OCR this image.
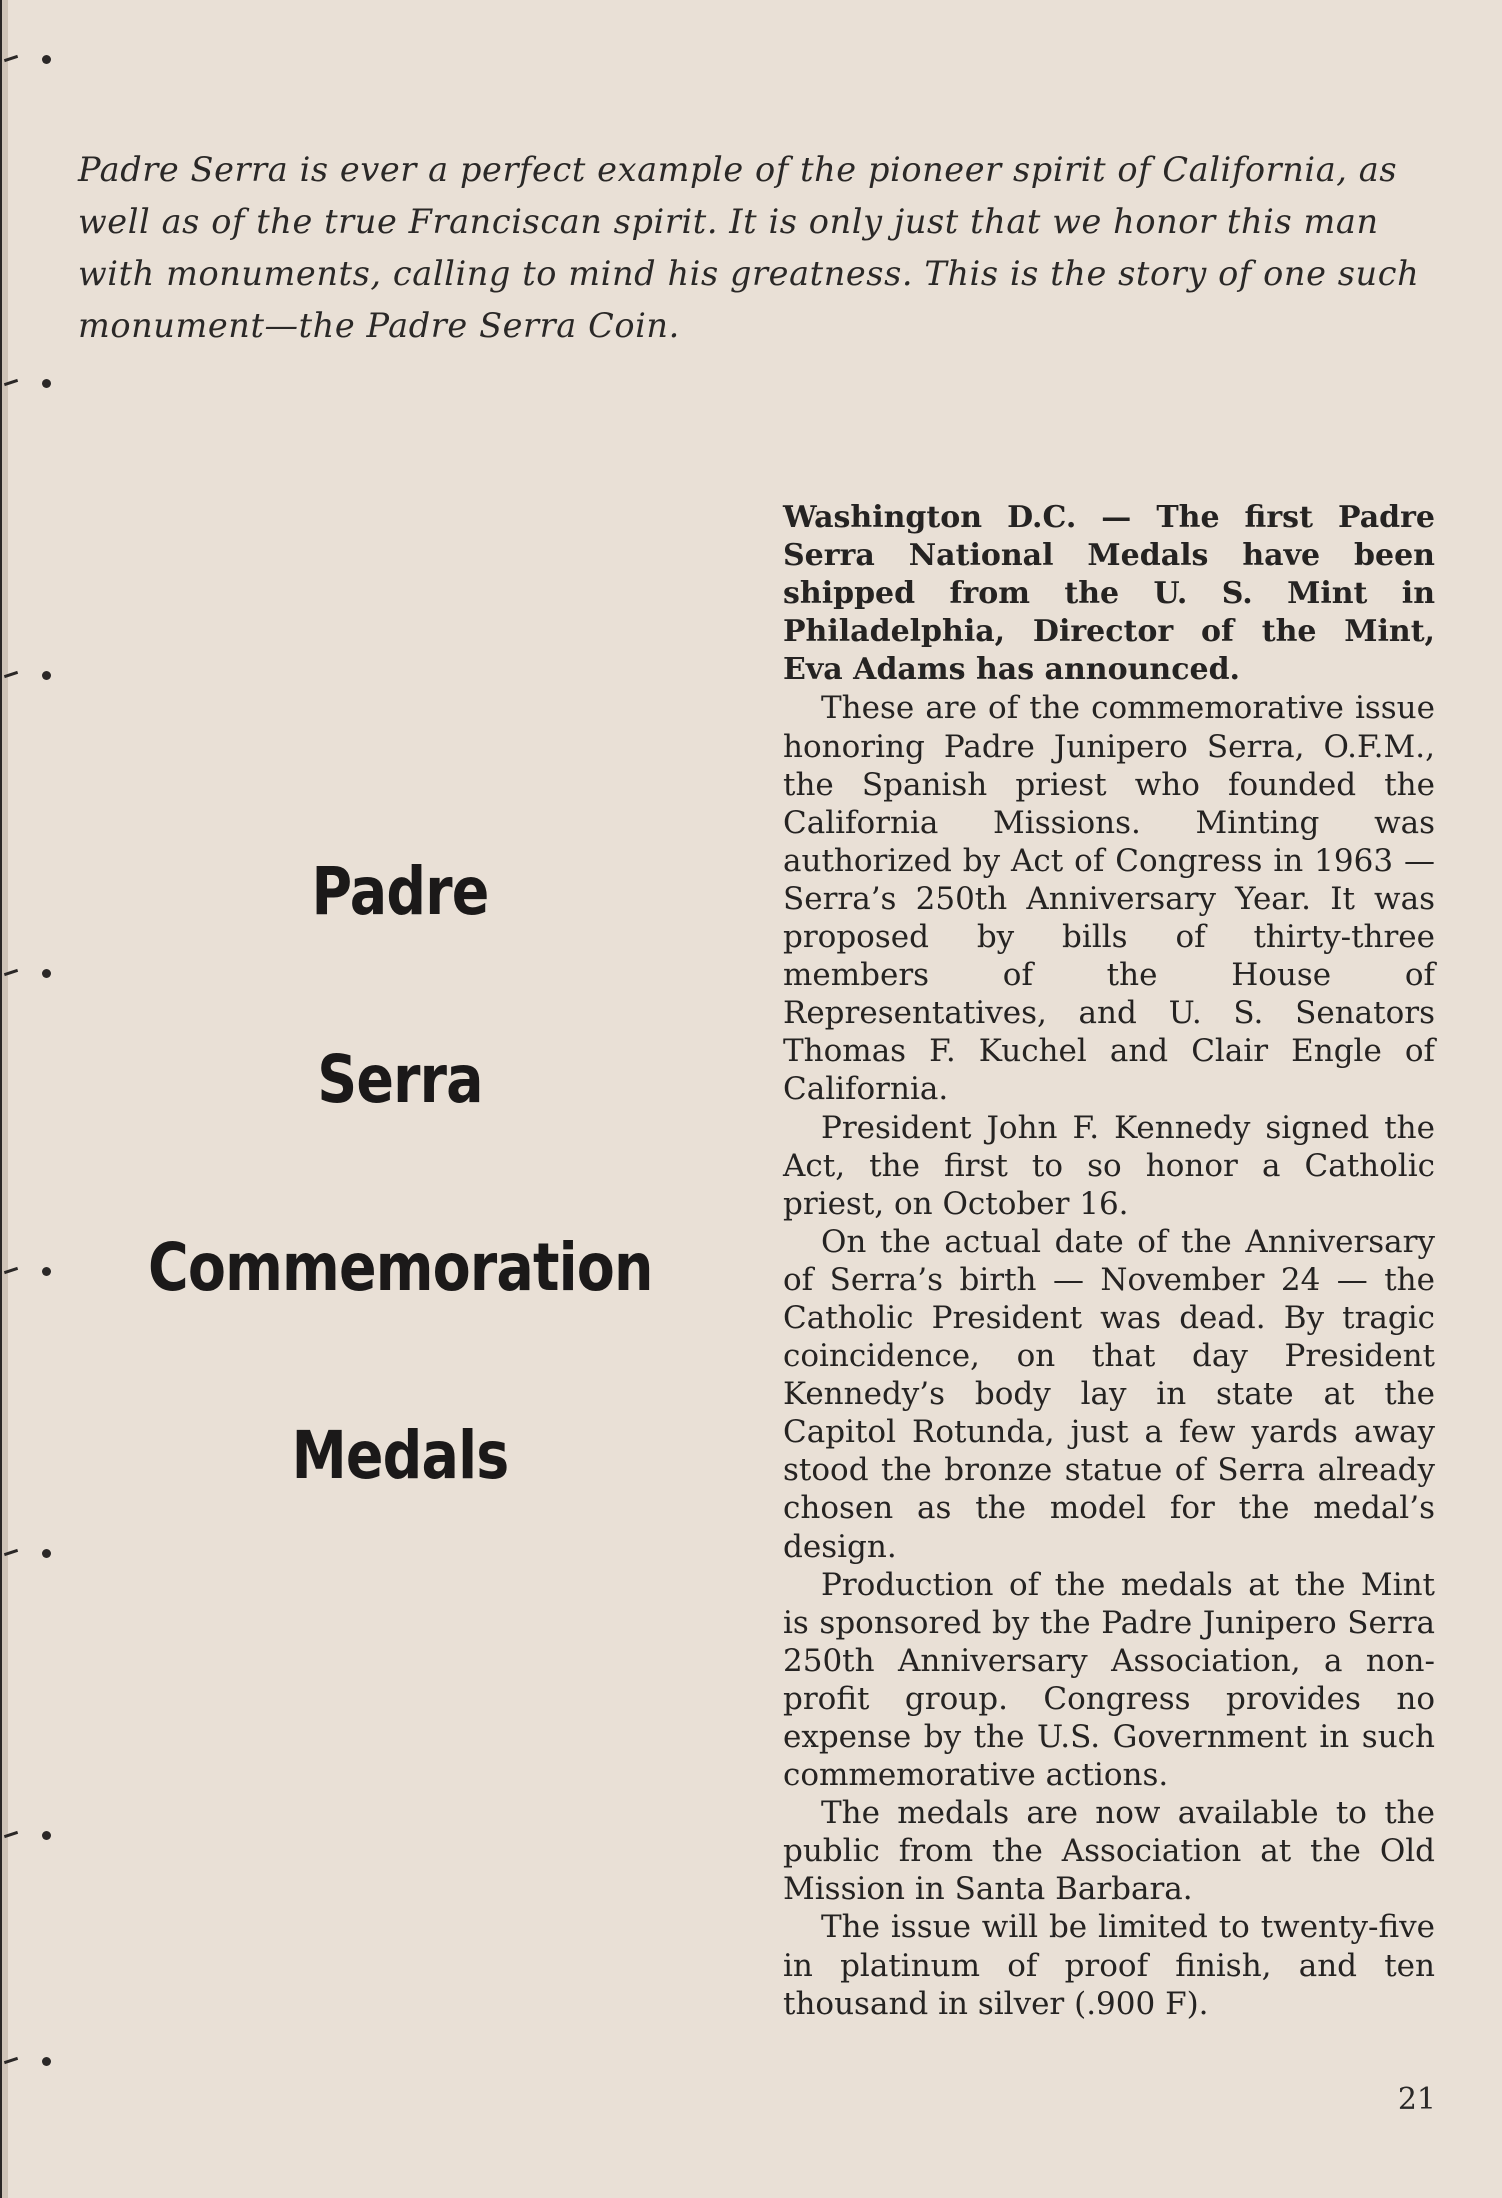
Padre Serra is ever a perfect example of the pioneer spirit of California, as well as of the true Franciscan spirit. It is only just that we honor this man with monuments, calling to mind his greatness. This is the story of one such monument—the Padre Serra Coin.

Padre
Serra
Commemoration
Medals

Washington D.C. — The first Padre Serra National Medals have been shipped from the U. S. Mint in Philadelphia, Director of the Mint, Eva Adams has announced.

These are of the commemorative issue honoring Padre Junipero Serra, O.F.M., the Spanish priest who founded the California Missions. Minting was authorized by Act of Congress in 1963 — Serra’s 250th Anniversary Year. It was proposed by bills of thirty-three members of the House of Representatives, and U. S. Senators Thomas F. Kuchel and Clair Engle of California.

President John F. Kennedy signed the Act, the first to so honor a Catholic priest, on October 16.

On the actual date of the Anniversary of Serra’s birth — November 24 — the Catholic President was dead. By tragic coincidence, on that day President Kennedy’s body lay in state at the Capitol Rotunda, just a few yards away stood the bronze statue of Serra already chosen as the model for the medal’s design.

Production of the medals at the Mint is sponsored by the Padre Junipero Serra 250th Anniversary Association, a non-profit group. Congress provides no expense by the U.S. Government in such commemorative actions.

The medals are now available to the public from the Association at the Old Mission in Santa Barbara.

The issue will be limited to twenty-five in platinum of proof finish, and ten thousand in silver (.900 F).

21
